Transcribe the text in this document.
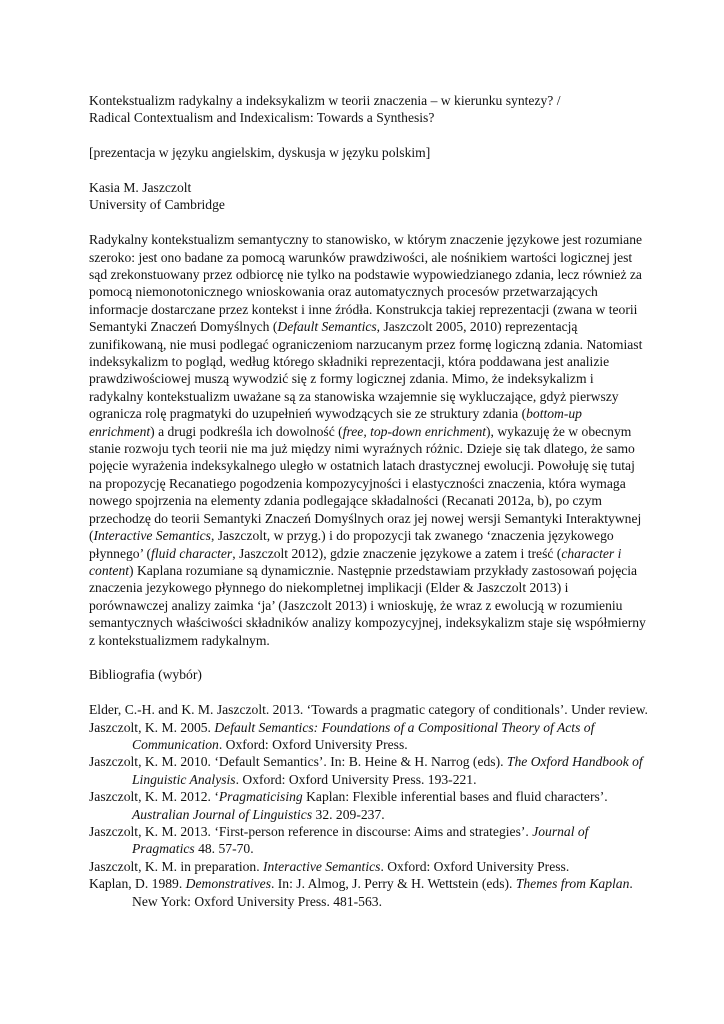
Kontekstualizm radykalny a indeksykalizm w teorii znaczenia – w kierunku syntezy? /

Radical Contextualism and Indexicalism: Towards a Synthesis?

[prezentacja w języku angielskim, dyskusja w języku polskim]

Kasia M. Jaszczolt

University of Cambridge

Radykalny kontekstualizm semantyczny to stanowisko, w którym znaczenie językowe jest rozumiane szeroko: jest ono badane za pomocą warunków prawdziwości, ale nośnikiem wartości logicznej jest sąd zrekonstuowany przez odbiorcę nie tylko na podstawie wypowiedzianego zdania, lecz również za pomocą niemonotonicznego wnioskowania oraz automatycznych procesów przetwarzających informacje dostarczane przez kontekst i inne źródła. Konstrukcja takiej reprezentacji (zwana w teorii Semantyki Znaczeń Domyślnych (Default Semantics, Jaszczolt 2005, 2010) reprezentacją zunifikowaną, nie musi podlegać ograniczeniom narzucanym przez formę logiczną zdania. Natomiast indeksykalizm to pogląd, według którego składniki reprezentacji, która poddawana jest analizie prawdziwościowej muszą wywodzić się z formy logicznej zdania. Mimo, że indeksykalizm i radykalny kontekstualizm uważane są za stanowiska wzajemnie się wykluczające, gdyż pierwszy ogranicza rolę pragmatyki do uzupełnień wywodzących sie ze struktury zdania (bottom-up enrichment) a drugi podkreśla ich dowolność (free, top-down enrichment), wykazuję że w obecnym stanie rozwoju tych teorii nie ma już między nimi wyraźnych różnic. Dzieje się tak dlatego, że samo pojęcie wyrażenia indeksykalnego uległo w ostatnich latach drastycznej ewolucji. Powołuję się tutaj na propozycję Recanatiego pogodzenia kompozycyjności i elastyczności znaczenia, która wymaga nowego spojrzenia na elementy zdania podlegające składalności (Recanati 2012a, b), po czym przechodzę do teorii Semantyki Znaczeń Domyślnych oraz jej nowej wersji Semantyki Interaktywnej (Interactive Semantics, Jaszczolt, w przyg.) i do propozycji tak zwanego ‘znaczenia językowego płynnego’ (fluid character, Jaszczolt 2012), gdzie znaczenie językowe a zatem i treść (character i content) Kaplana rozumiane są dynamicznie. Następnie przedstawiam przykłady zastosowań pojęcia znaczenia jezykowego płynnego do niekompletnej implikacji (Elder & Jaszczolt 2013) i porównawczej analizy zaimka ‘ja’ (Jaszczolt 2013) i wnioskuję, że wraz z ewolucją w rozumieniu semantycznych właściwości składników analizy kompozycyjnej, indeksykalizm staje się współmierny z kontekstualizmem radykalnym.

Bibliografia (wybór)

Elder, C.-H. and K. M. Jaszczolt. 2013. ‘Towards a pragmatic category of conditionals’. Under review.

Jaszczolt, K. M. 2005. Default Semantics: Foundations of a Compositional Theory of Acts of Communication. Oxford: Oxford University Press.

Jaszczolt, K. M. 2010. ‘Default Semantics’. In: B. Heine & H. Narrog (eds). The Oxford Handbook of Linguistic Analysis. Oxford: Oxford University Press. 193-221.

Jaszczolt, K. M. 2012. ‘Pragmaticising Kaplan: Flexible inferential bases and fluid characters’. Australian Journal of Linguistics 32. 209-237.

Jaszczolt, K. M. 2013. ‘First-person reference in discourse: Aims and strategies’. Journal of Pragmatics 48. 57-70.

Jaszczolt, K. M. in preparation. Interactive Semantics. Oxford: Oxford University Press.

Kaplan, D. 1989. Demonstratives. In: J. Almog, J. Perry & H. Wettstein (eds). Themes from Kaplan. New York: Oxford University Press. 481-563.
